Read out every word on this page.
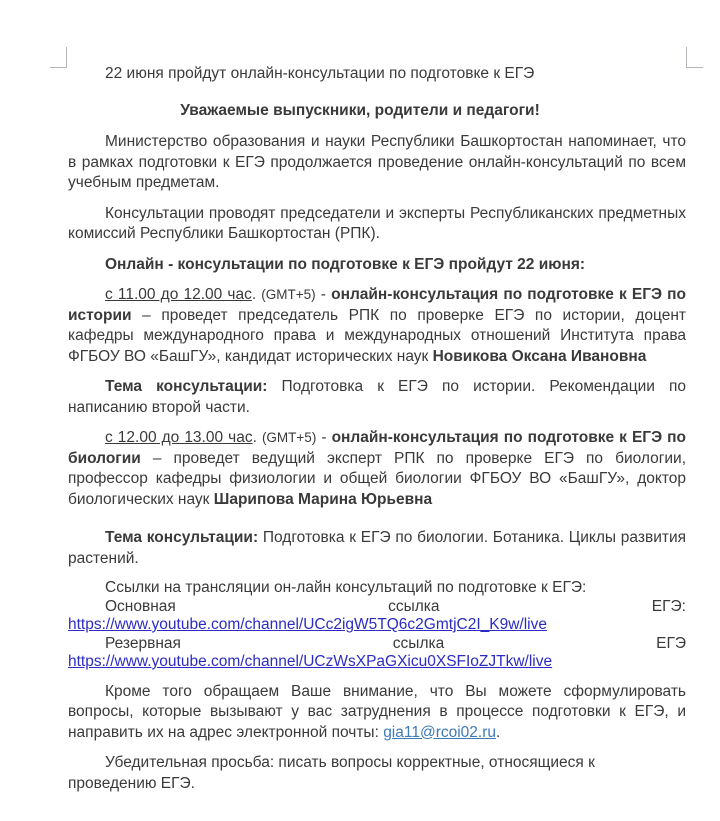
22 июня пройдут онлайн-консультации по подготовке к ЕГЭ

Уважаемые выпускники, родители и педагоги!

Министерство образования и науки Республики Башкортостан напоминает, что в рамках подготовки к ЕГЭ продолжается проведение онлайн-консультаций по всем учебным предметам.

Консультации проводят председатели и эксперты Республиканских предметных комиссий Республики Башкортостан (РПК).

Онлайн - консультации по подготовке к ЕГЭ пройдут 22 июня:

с 11.00 до 12.00 час. (GMT+5) - онлайн-консультация по подготовке к ЕГЭ по истории – проведет председатель РПК по проверке ЕГЭ по истории, доцент кафедры международного права и международных отношений Института права ФГБОУ ВО «БашГУ», кандидат исторических наук Новикова Оксана Ивановна

Тема консультации: Подготовка к ЕГЭ по истории. Рекомендации по написанию второй части.

с 12.00 до 13.00 час. (GMT+5) - онлайн-консультация по подготовке к ЕГЭ по биологии – проведет ведущий эксперт РПК по проверке ЕГЭ по биологии, профессор кафедры физиологии и общей биологии ФГБОУ ВО «БашГУ», доктор биологических наук Шарипова Марина Юрьевна

Тема консультации: Подготовка к ЕГЭ по биологии. Ботаника. Циклы развития растений.

Ссылки на трансляции он-лайн консультаций по подготовке к ЕГЭ:

Основная	ссылка	ЕГЭ:

https://www.youtube.com/channel/UCc2igW5TQ6c2GmtjC2I_K9w/live

Резервная	ссылка	ЕГЭ

https://www.youtube.com/channel/UCzWsXPaGXicu0XSFIoZJTkw/live

Кроме того обращаем Ваше внимание, что Вы можете сформулировать вопросы, которые вызывают у вас затруднения в процессе подготовки к ЕГЭ, и направить их на адрес электронной почты: gia11@rcoi02.ru.

Убедительная просьба: писать вопросы корректные, относящиеся к проведению ЕГЭ.
